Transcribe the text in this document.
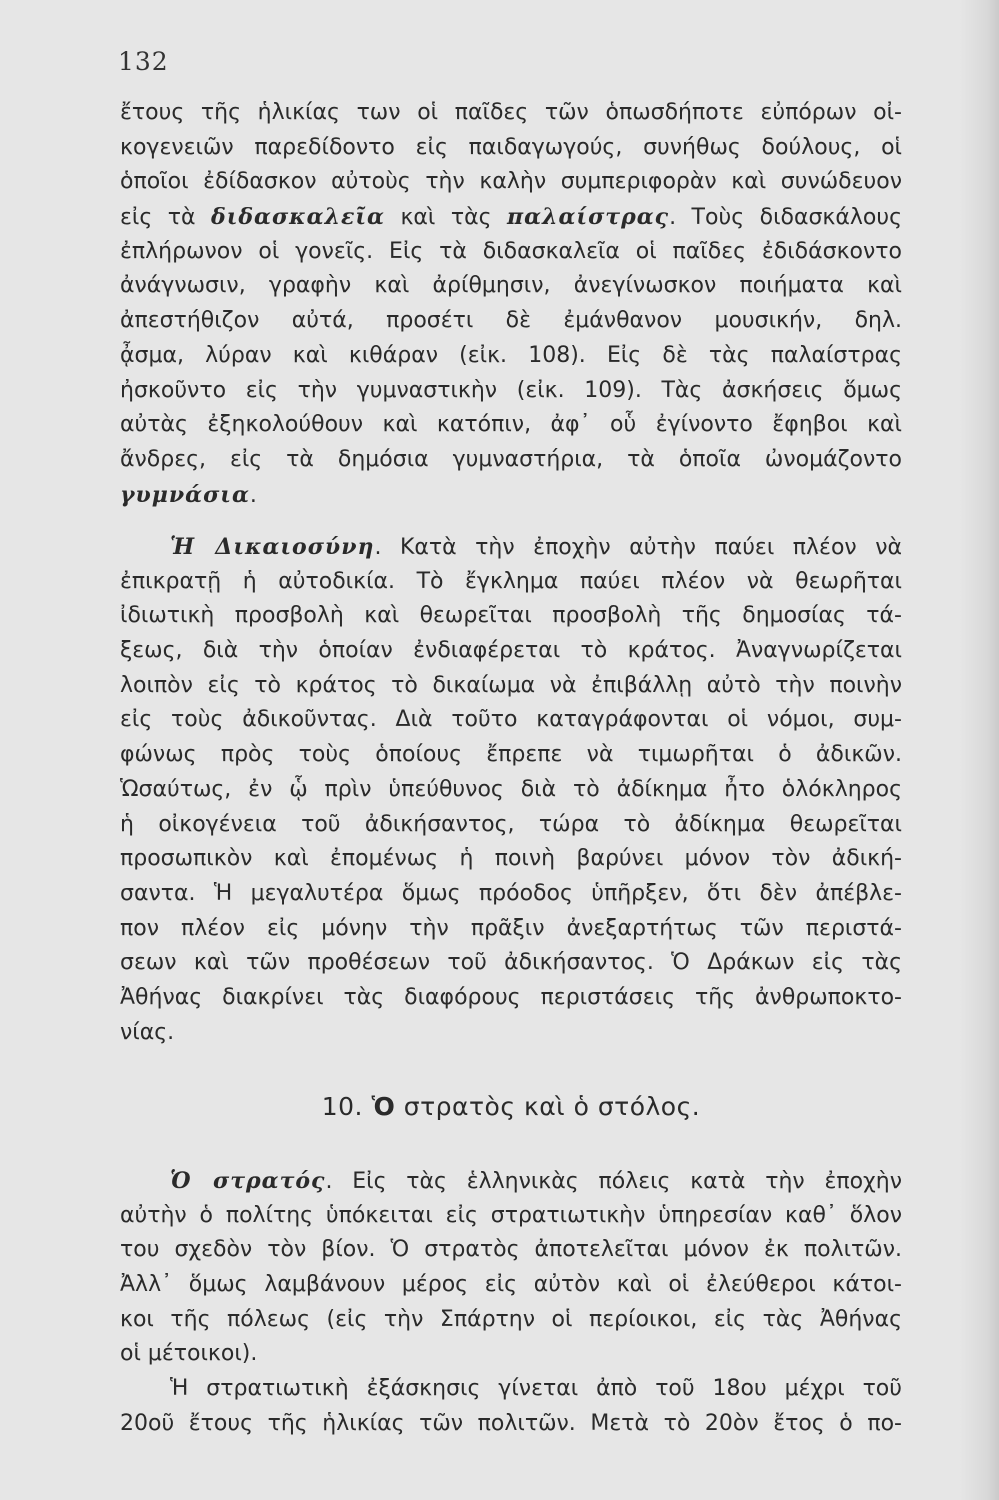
132
ἔτους τῆς ἡλικίας των οἱ παῖδες τῶν ὁπωσδήποτε εὐπόρων οἰ-
κογενειῶν παρεδίδοντο εἰς παιδαγωγούς, συνήθως δούλους, οἱ
ὁποῖοι ἐδίδασκον αὐτοὺς τὴν καλὴν συμπεριφορὰν καὶ συνώδευον
εἰς τὰ διδασκαλεῖα καὶ τὰς παλαίστρας. Τοὺς διδασκάλους
ἐπλήρωνον οἱ γονεῖς. Εἰς τὰ διδασκαλεῖα οἱ παῖδες ἐδιδάσκοντο
ἀνάγνωσιν, γραφὴν καὶ ἀρίθμησιν, ἀνεγίνωσκον ποιήματα καὶ
ἀπεστήθιζον αὐτά, προσέτι δὲ ἐμάνθανον μουσικήν, δηλ.
ᾆσμα, λύραν καὶ κιθάραν (εἰκ. 108). Εἰς δὲ τὰς παλαίστρας
ἠσκοῦντο εἰς τὴν γυμναστικὴν (εἰκ. 109). Τὰς ἀσκήσεις ὅμως
αὐτὰς ἐξηκολούθουν καὶ κατόπιν, ἀφ᾿ οὗ ἐγίνοντο ἔφηβοι καὶ
ἄνδρες, εἰς τὰ δημόσια γυμναστήρια, τὰ ὁποῖα ὠνομάζοντο
γυμνάσια.
Ἡ Δικαιοσύνη. Κατὰ τὴν ἐποχὴν αὐτὴν παύει πλέον νὰ
ἐπικρατῇ ἡ αὐτοδικία. Τὸ ἔγκλημα παύει πλέον νὰ θεωρῆται
ἰδιωτικὴ προσβολὴ καὶ θεωρεῖται προσβολὴ τῆς δημοσίας τά-
ξεως, διὰ τὴν ὁποίαν ἐνδιαφέρεται τὸ κράτος. Ἀναγνωρίζεται
λοιπὸν εἰς τὸ κράτος τὸ δικαίωμα νὰ ἐπιβάλλῃ αὐτὸ τὴν ποινὴν
εἰς τοὺς ἀδικοῦντας. Διὰ τοῦτο καταγράφονται οἱ νόμοι, συμ-
φώνως πρὸς τοὺς ὁποίους ἔπρεπε νὰ τιμωρῆται ὁ ἀδικῶν.
Ὡσαύτως, ἐν ᾧ πρὶν ὑπεύθυνος διὰ τὸ ἀδίκημα ἦτο ὁλόκληρος
ἡ οἰκογένεια τοῦ ἀδικήσαντος, τώρα τὸ ἀδίκημα θεωρεῖται
προσωπικὸν καὶ ἐπομένως ἡ ποινὴ βαρύνει μόνον τὸν ἀδική-
σαντα. Ἡ μεγαλυτέρα ὅμως πρόοδος ὑπῆρξεν, ὅτι δὲν ἀπέβλε-
πον πλέον εἰς μόνην τὴν πρᾶξιν ἀνεξαρτήτως τῶν περιστά-
σεων καὶ τῶν προθέσεων τοῦ ἀδικήσαντος. Ὁ Δράκων εἰς τὰς
Ἀθήνας διακρίνει τὰς διαφόρους περιστάσεις τῆς ἀνθρωποκτο-
νίας.
10. Ὁ στρατὸς καὶ ὁ στόλος.
Ὁ στρατός. Εἰς τὰς ἑλληνικὰς πόλεις κατὰ τὴν ἐποχὴν
αὐτὴν ὁ πολίτης ὑπόκειται εἰς στρατιωτικὴν ὑπηρεσίαν καθ᾿ ὅλον
του σχεδὸν τὸν βίον. Ὁ στρατὸς ἀποτελεῖται μόνον ἐκ πολιτῶν.
Ἀλλ᾿ ὅμως λαμβάνουν μέρος εἰς αὐτὸν καὶ οἱ ἐλεύθεροι κάτοι-
κοι τῆς πόλεως (εἰς τὴν Σπάρτην οἱ περίοικοι, εἰς τὰς Ἀθήνας
οἱ μέτοικοι).
Ἡ στρατιωτικὴ ἐξάσκησις γίνεται ἀπὸ τοῦ 18ου μέχρι τοῦ
20οῦ ἔτους τῆς ἡλικίας τῶν πολιτῶν. Μετὰ τὸ 20ὸν ἔτος ὁ πο-
